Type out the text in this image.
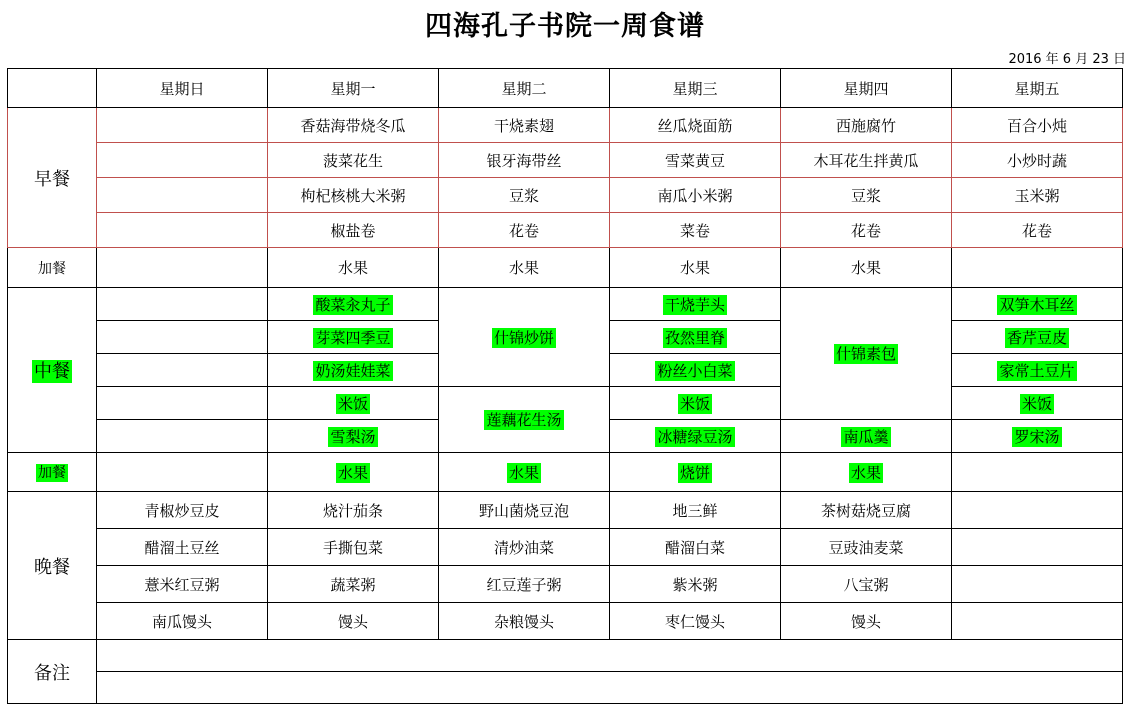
四海孔子书院一周食谱
2016 年 6 月 23 日
	星期日	星期一	星期二	星期三	星期四	星期五
早餐		香菇海带烧冬瓜	干烧素翅	丝瓜烧面筋	西施腐竹	百合小炖
		菠菜花生	银牙海带丝	雪菜黄豆	木耳花生拌黄瓜	小炒时蔬
		枸杞核桃大米粥	豆浆	南瓜小米粥	豆浆	玉米粥
		椒盐卷	花卷	菜卷	花卷	花卷
加餐		水果	水果	水果	水果	
中餐		酸菜汆丸子	什锦炒饼	干烧芋头	什锦素包	双笋木耳丝
		芽菜四季豆		孜然里脊		香芹豆皮
		奶汤娃娃菜		粉丝小白菜		家常土豆片
		米饭	莲藕花生汤	米饭		米饭
		雪梨汤		冰糖绿豆汤	南瓜羹	罗宋汤
加餐		水果	水果	烧饼	水果	
晚餐	青椒炒豆皮	烧汁茄条	野山菌烧豆泡	地三鲜	茶树菇烧豆腐	
	醋溜土豆丝	手撕包菜	清炒油菜	醋溜白菜	豆豉油麦菜	
	薏米红豆粥	蔬菜粥	红豆莲子粥	紫米粥	八宝粥	
	南瓜馒头	馒头	杂粮馒头	枣仁馒头	馒头	
备注						
